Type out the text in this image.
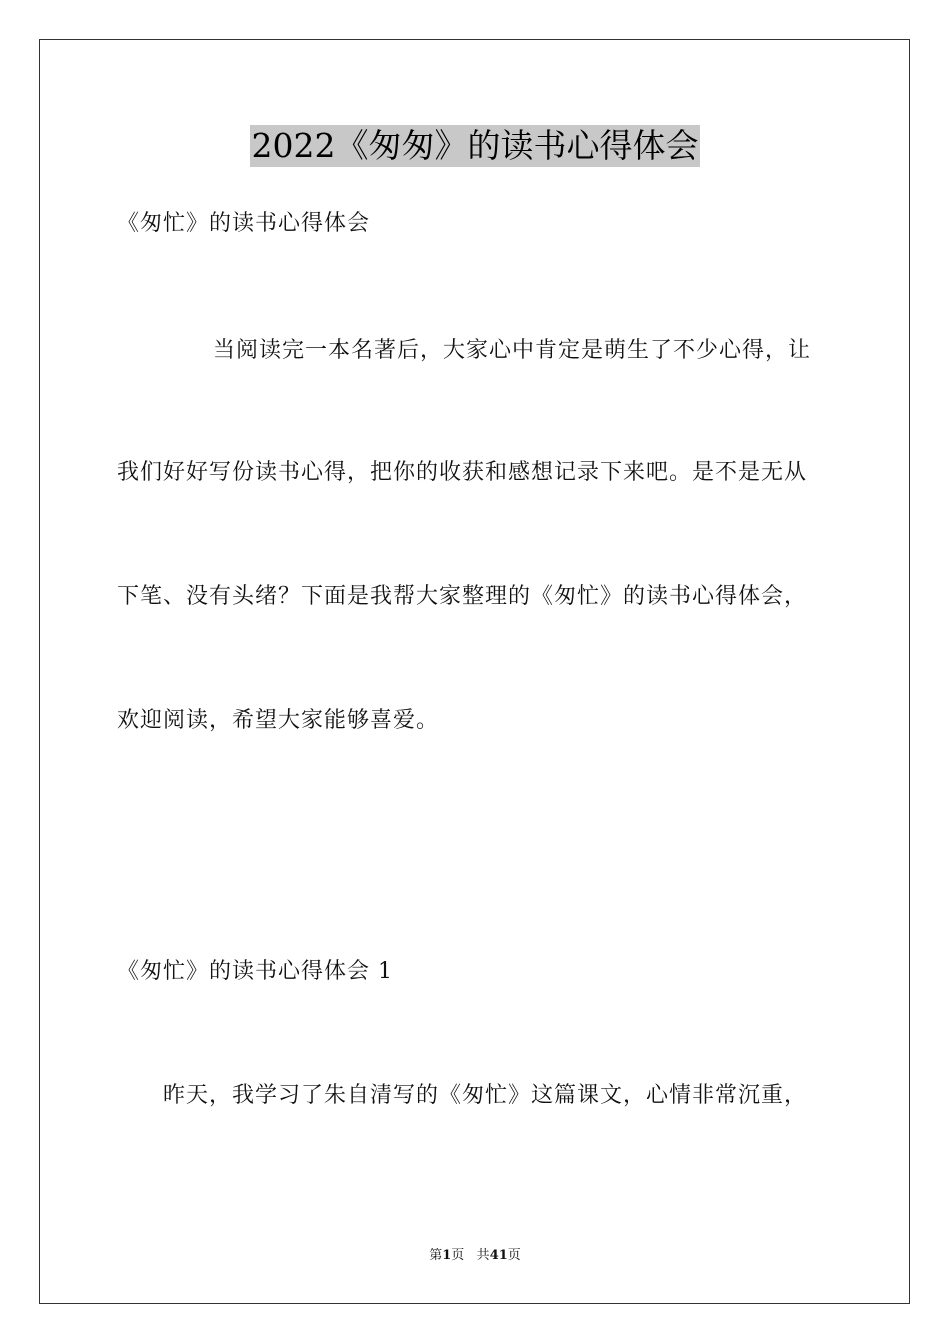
2022《匆匆》的读书心得体会
《匆忙》的读书心得体会
当阅读完一本名著后，大家心中肯定是萌生了不少心得，让
我们好好写份读书心得，把你的收获和感想记录下来吧。是不是无从
下笔、没有头绪？下面是我帮大家整理的《匆忙》的读书心得体会，
欢迎阅读，希望大家能够喜爱。
《匆忙》的读书心得体会 1
昨天，我学习了朱自清写的《匆忙》这篇课文，心情非常沉重，
第1页 共41页
